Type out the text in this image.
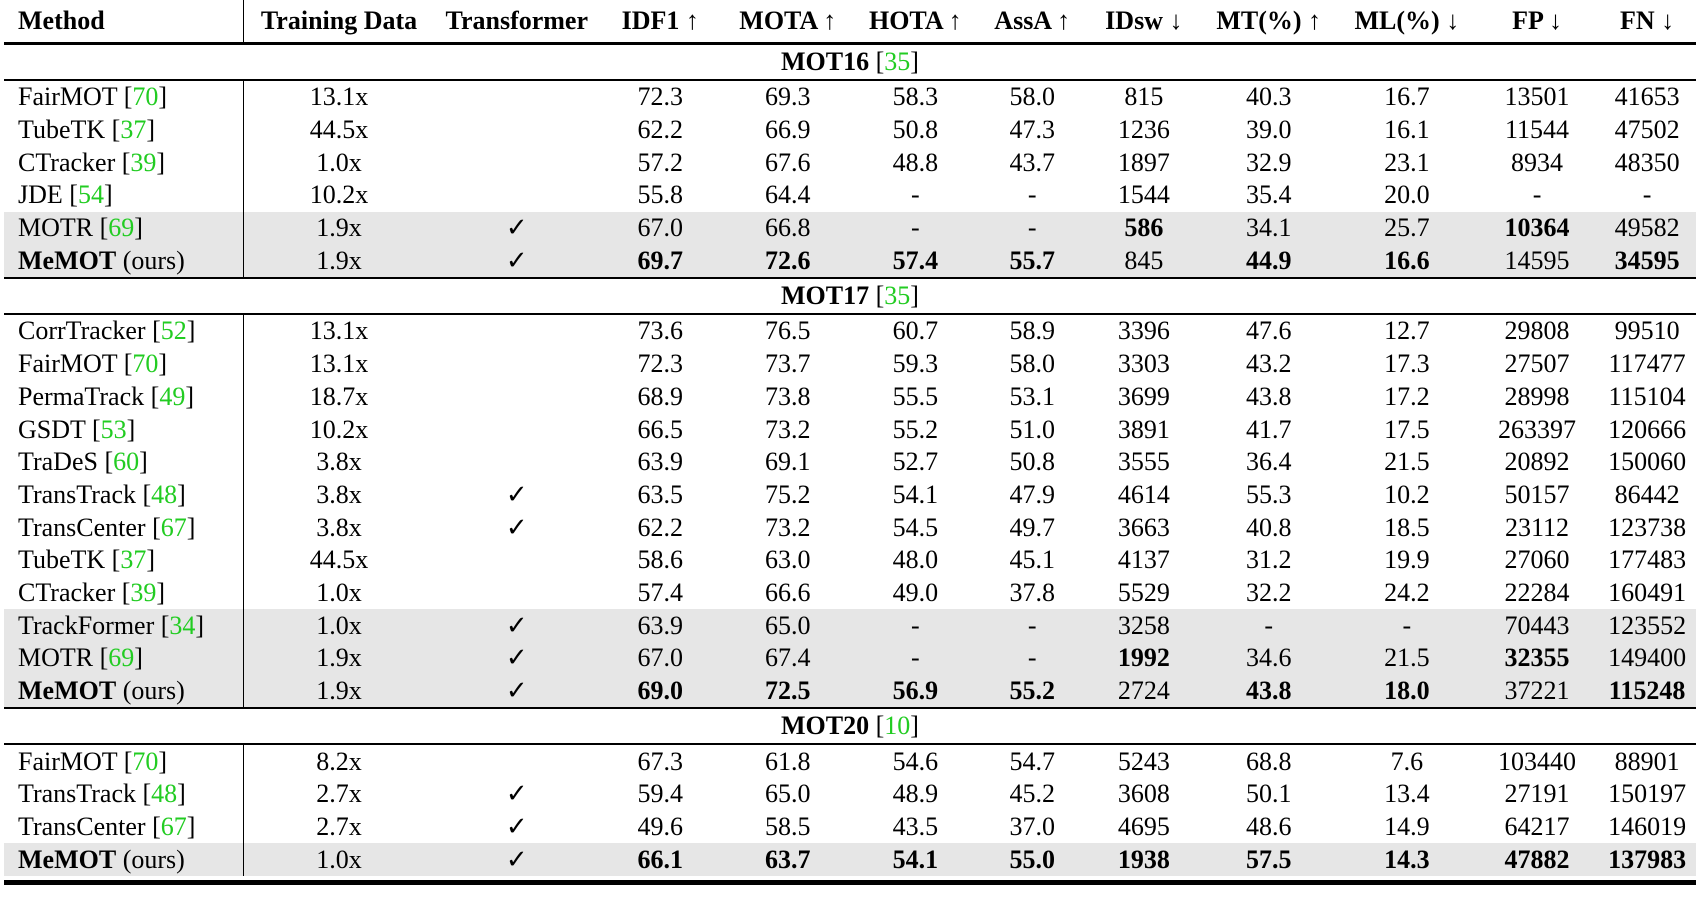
Method	Training Data	Transformer	IDF1 ↑	MOTA ↑	HOTA ↑	AssA ↑	IDsw ↓	MT(%) ↑	ML(%) ↓	FP ↓	FN ↓
MOT16 [35]											
FairMOT [70]	13.1x		72.3	69.3	58.3	58.0	815	40.3	16.7	13501	41653
TubeTK [37]	44.5x		62.2	66.9	50.8	47.3	1236	39.0	16.1	11544	47502
CTracker [39]	1.0x		57.2	67.6	48.8	43.7	1897	32.9	23.1	8934	48350
JDE [54]	10.2x		55.8	64.4	-	-	1544	35.4	20.0	-	-
MOTR [69]	1.9x	✓	67.0	66.8	-	-	586	34.1	25.7	10364	49582
MeMOT (ours)	1.9x	✓	69.7	72.6	57.4	55.7	845	44.9	16.6	14595	34595
MOT17 [35]											
CorrTracker [52]	13.1x		73.6	76.5	60.7	58.9	3396	47.6	12.7	29808	99510
FairMOT [70]	13.1x		72.3	73.7	59.3	58.0	3303	43.2	17.3	27507	117477
PermaTrack [49]	18.7x		68.9	73.8	55.5	53.1	3699	43.8	17.2	28998	115104
GSDT [53]	10.2x		66.5	73.2	55.2	51.0	3891	41.7	17.5	263397	120666
TraDeS [60]	3.8x		63.9	69.1	52.7	50.8	3555	36.4	21.5	20892	150060
TransTrack [48]	3.8x	✓	63.5	75.2	54.1	47.9	4614	55.3	10.2	50157	86442
TransCenter [67]	3.8x	✓	62.2	73.2	54.5	49.7	3663	40.8	18.5	23112	123738
TubeTK [37]	44.5x		58.6	63.0	48.0	45.1	4137	31.2	19.9	27060	177483
CTracker [39]	1.0x		57.4	66.6	49.0	37.8	5529	32.2	24.2	22284	160491
TrackFormer [34]	1.0x	✓	63.9	65.0	-	-	3258	-	-	70443	123552
MOTR [69]	1.9x	✓	67.0	67.4	-	-	1992	34.6	21.5	32355	149400
MeMOT (ours)	1.9x	✓	69.0	72.5	56.9	55.2	2724	43.8	18.0	37221	115248
MOT20 [10]											
FairMOT [70]	8.2x		67.3	61.8	54.6	54.7	5243	68.8	7.6	103440	88901
TransTrack [48]	2.7x	✓	59.4	65.0	48.9	45.2	3608	50.1	13.4	27191	150197
TransCenter [67]	2.7x	✓	49.6	58.5	43.5	37.0	4695	48.6	14.9	64217	146019
MeMOT (ours)	1.0x	✓	66.1	63.7	54.1	55.0	1938	57.5	14.3	47882	137983
